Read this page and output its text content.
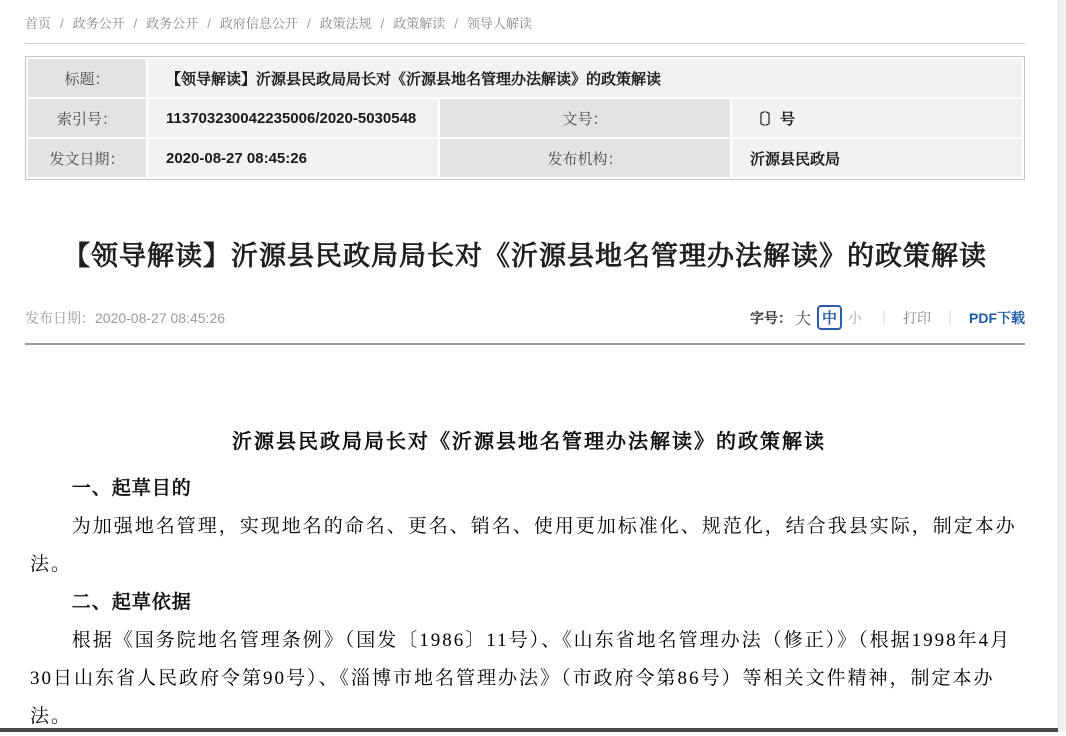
首页 / 政务公开 / 政务公开 / 政府信息公开 / 政策法规 / 政策解读 / 领导人解读
标题：	【领导解读】沂源县民政局局长对《沂源县地名管理办法解读》的政策解读		
索引号：	113703230042235006/2020-5030548	文号：	〔〕号
发文日期：	2020-08-27 08:45:26	发布机构：	沂源县民政局
【领导解读】沂源县民政局局长对《沂源县地名管理办法解读》的政策解读
发布日期：2020-08-27 08:45:26	字号： 大 中 小 ｜ 打印 ｜ PDF下载
沂源县民政局局长对《沂源县地名管理办法解读》的政策解读
一、起草目的

为加强地名管理，实现地名的命名、更名、销名、使用更加标准化、规范化，结合我县实际，制定本办法。

二、起草依据

根据《国务院地名管理条例》（国发〔1986〕11号）、《山东省地名管理办法（修正）》（根据1998年4月30日山东省人民政府令第90号）、《淄博市地名管理办法》（市政府令第86号）等相关文件精神，制定本办法。
